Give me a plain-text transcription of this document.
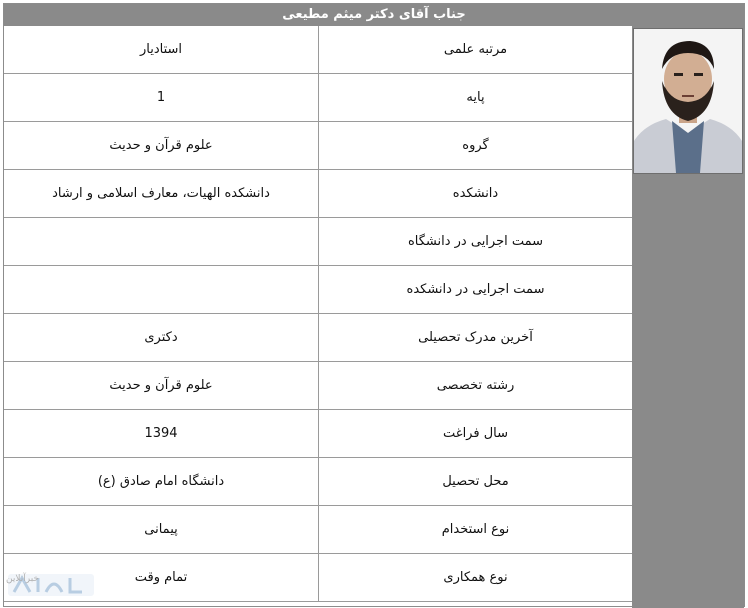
جناب آقای دکتر میثم مطیعی
مرتبه علمی
استادیار
پایه
1
گروه
علوم قرآن و حدیث
دانشکده
دانشکده الهیات، معارف اسلامی و ارشاد
سمت اجرایی در دانشگاه
سمت اجرایی در دانشکده
آخرین مدرک تحصیلی
دکتری
رشته تخصصی
علوم قرآن و حدیث
سال فراغت
1394
محل تحصیل
دانشگاه امام صادق (ع)
نوع استخدام
پیمانی
نوع همکاری
تمام وقت
خبرآنلاین
